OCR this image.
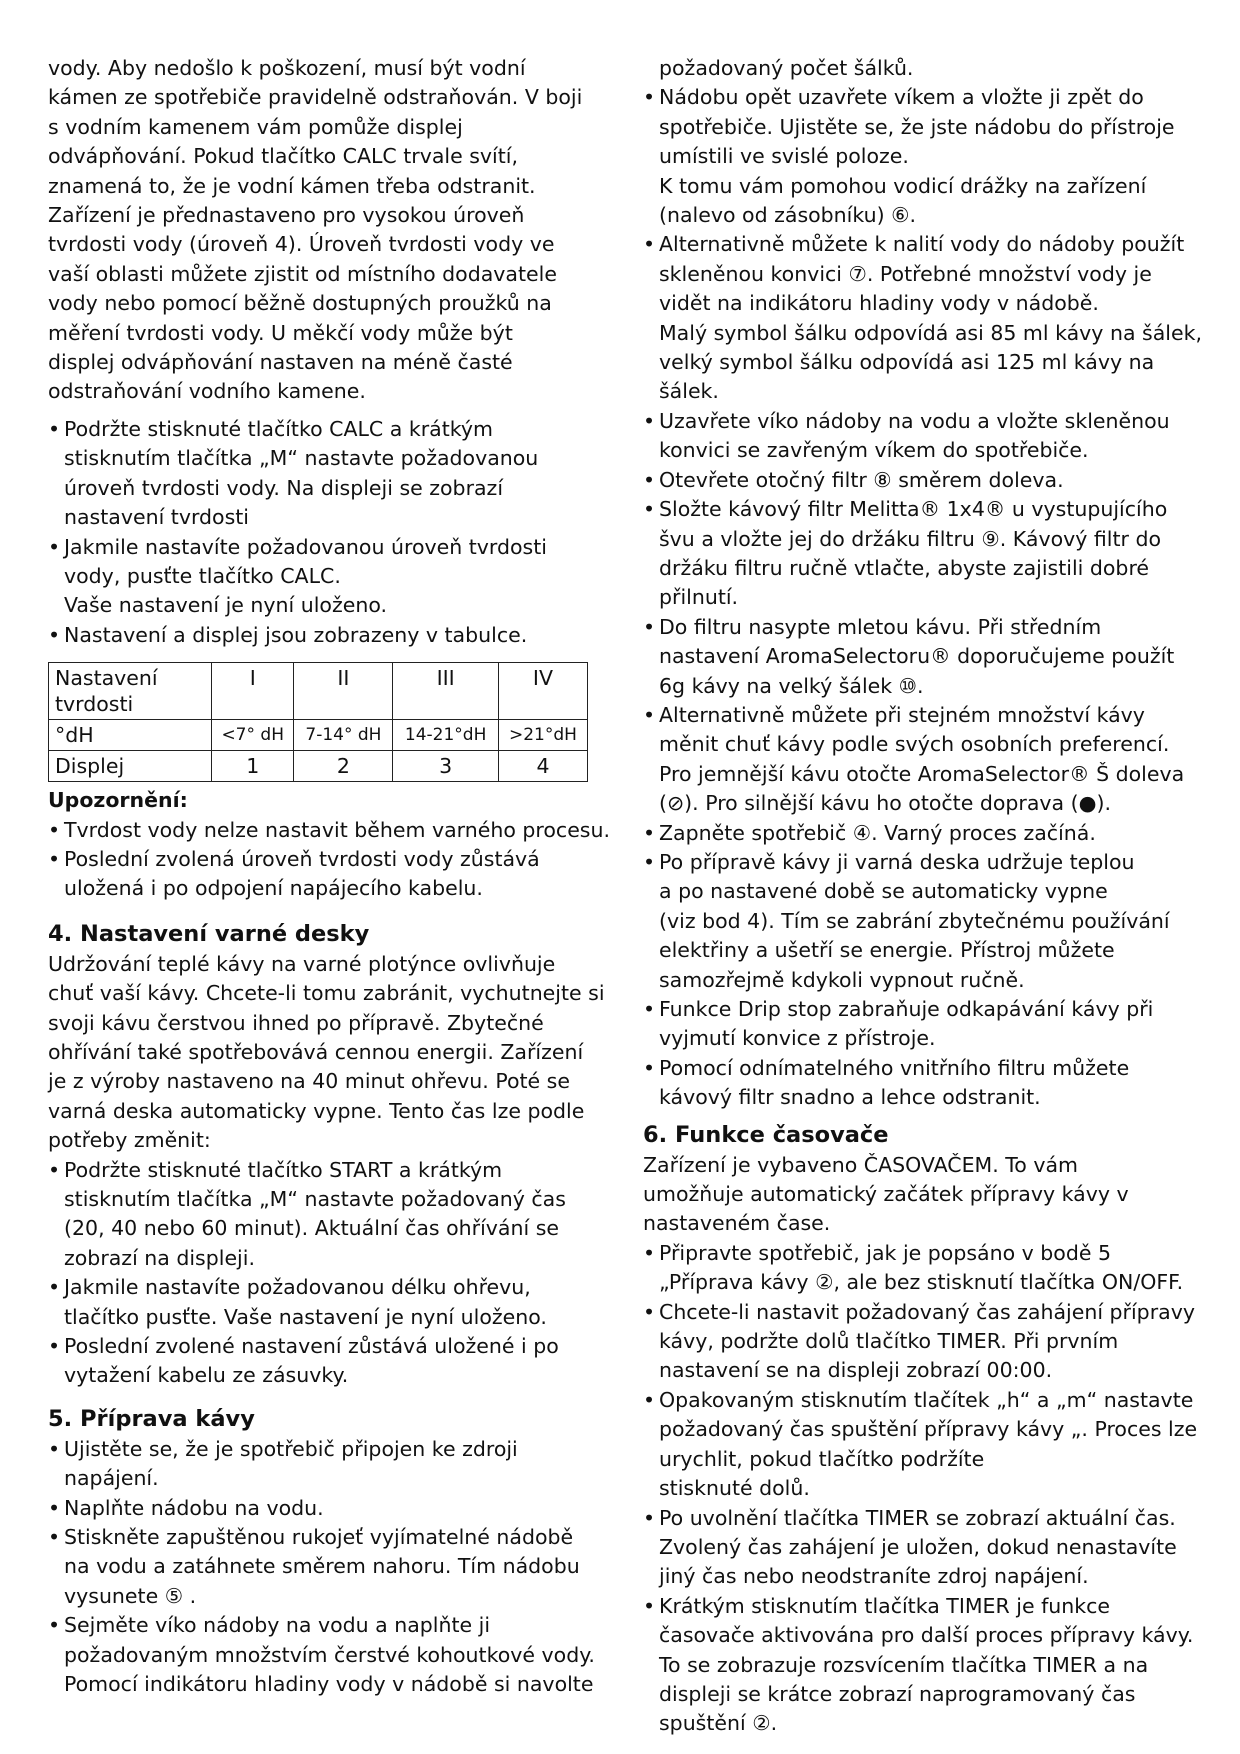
vody. Aby nedošlo k poškození, musí být vodní

kámen ze spotřebiče pravidelně odstraňován. V boji

s vodním kamenem vám pomůže displej

odvápňování. Pokud tlačítko CALC trvale svítí,

znamená to, že je vodní kámen třeba odstranit.

Zařízení je přednastaveno pro vysokou úroveň

tvrdosti vody (úroveň 4). Úroveň tvrdosti vody ve

vaší oblasti můžete zjistit od místního dodavatele

vody nebo pomocí běžně dostupných proužků na

měření tvrdosti vody. U měkčí vody může být

displej odvápňování nastaven na méně časté

odstraňování vodního kamene.

• Podržte stisknuté tlačítko CALC a krátkým
stisknutím tlačítka „M“ nastavte požadovanou
úroveň tvrdosti vody. Na displeji se zobrazí
nastavení tvrdosti
• Jakmile nastavíte požadovanou úroveň tvrdosti
vody, pusťte tlačítko CALC.
Vaše nastavení je nyní uloženo.
• Nastavení a displej jsou zobrazeny v tabulce.
Nastavení tvrdosti	I	II	III	IV
°dH	<7° dH	7-14° dH	14-21°dH	>21°dH
Displej	1	2	3	4

Upozornění:

• Tvrdost vody nelze nastavit během varného procesu.
• Poslední zvolená úroveň tvrdosti vody zůstává
uložená i po odpojení napájecího kabelu.
4. Nastavení varné desky

Udržování teplé kávy na varné plotýnce ovlivňuje

chuť vaší kávy. Chcete-li tomu zabránit, vychutnejte si

svoji kávu čerstvou ihned po přípravě. Zbytečné

ohřívání také spotřebovává cennou energii. Zařízení

je z výroby nastaveno na 40 minut ohřevu. Poté se

varná deska automaticky vypne. Tento čas lze podle

potřeby změnit:

• Podržte stisknuté tlačítko START a krátkým
stisknutím tlačítka „M“ nastavte požadovaný čas
(20, 40 nebo 60 minut). Aktuální čas ohřívání se
zobrazí na displeji.
• Jakmile nastavíte požadovanou délku ohřevu,
tlačítko pusťte. Vaše nastavení je nyní uloženo.
• Poslední zvolené nastavení zůstává uložené i po
vytažení kabelu ze zásuvky.
5. Příprava kávy
• Ujistěte se, že je spotřebič připojen ke zdroji
napájení.
• Naplňte nádobu na vodu.
• Stiskněte zapuštěnou rukojeť vyjímatelné nádobě
na vodu a zatáhnete směrem nahoru. Tím nádobu
vysunete ⑤ .
• Sejměte víko nádoby na vodu a naplňte ji
požadovaným množstvím čerstvé kohoutkové vody.
Pomocí indikátoru hladiny vody v nádobě si navolte

požadovaný počet šálků.

• Nádobu opět uzavřete víkem a vložte ji zpět do
spotřebiče. Ujistěte se, že jste nádobu do přístroje
umístili ve svislé poloze.
K tomu vám pomohou vodicí drážky na zařízení
(nalevo od zásobníku) ⑥.
• Alternativně můžete k nalití vody do nádoby použít
skleněnou konvici ⑦. Potřebné množství vody je
vidět na indikátoru hladiny vody v nádobě.
Malý symbol šálku odpovídá asi 85 ml kávy na šálek,
velký symbol šálku odpovídá asi 125 ml kávy na
šálek.
• Uzavřete víko nádoby na vodu a vložte skleněnou
konvici se zavřeným víkem do spotřebiče.
• Otevřete otočný filtr ⑧ směrem doleva.
• Složte kávový filtr Melitta® 1x4® u vystupujícího
švu a vložte jej do držáku filtru ⑨. Kávový filtr do
držáku filtru ručně vtlačte, abyste zajistili dobré
přilnutí.
• Do filtru nasypte mletou kávu. Při středním
nastavení AromaSelectoru® doporučujeme použít
6g kávy na velký šálek ⑩.
• Alternativně můžete při stejném množství kávy
měnit chuť kávy podle svých osobních preferencí.
Pro jemnější kávu otočte AromaSelector® Š doleva
(⊘). Pro silnější kávu ho otočte doprava (●).
• Zapněte spotřebič ④. Varný proces začíná.
• Po přípravě kávy ji varná deska udržuje teplou
a po nastavené době se automaticky vypne
(viz bod 4). Tím se zabrání zbytečnému používání
elektřiny a ušetří se energie. Přístroj můžete
samozřejmě kdykoli vypnout ručně.
• Funkce Drip stop zabraňuje odkapávání kávy při
vyjmutí konvice z přístroje.
• Pomocí odnímatelného vnitřního filtru můžete
kávový filtr snadno a lehce odstranit.
6. Funkce časovače

Zařízení je vybaveno ČASOVAČEM. To vám

umožňuje automatický začátek přípravy kávy v

nastaveném čase.

• Připravte spotřebič, jak je popsáno v bodě 5
„Příprava kávy ②, ale bez stisknutí tlačítka ON/OFF.
• Chcete-li nastavit požadovaný čas zahájení přípravy
kávy, podržte dolů tlačítko TIMER. Při prvním
nastavení se na displeji zobrazí 00:00.
• Opakovaným stisknutím tlačítek „h“ a „m“ nastavte
požadovaný čas spuštění přípravy kávy „. Proces lze
urychlit, pokud tlačítko podržíte
stisknuté dolů.
• Po uvolnění tlačítka TIMER se zobrazí aktuální čas.
Zvolený čas zahájení je uložen, dokud nenastavíte
jiný čas nebo neodstraníte zdroj napájení.
• Krátkým stisknutím tlačítka TIMER je funkce
časovače aktivována pro další proces přípravy kávy.
To se zobrazuje rozsvícením tlačítka TIMER a na
displeji se krátce zobrazí naprogramovaný čas
spuštění ②.
